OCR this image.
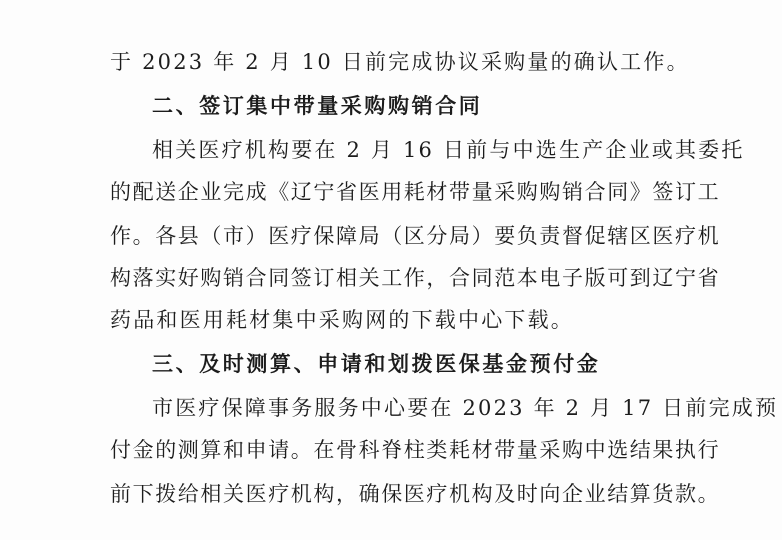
于 2023 年 2 月 10 日前完成协议采购量的确认工作。
二、签订集中带量采购购销合同
相关医疗机构要在 2 月 16 日前与中选生产企业或其委托
的配送企业完成《辽宁省医用耗材带量采购购销合同》签订工
作。各县（市）医疗保障局（区分局）要负责督促辖区医疗机
构落实好购销合同签订相关工作，合同范本电子版可到辽宁省
药品和医用耗材集中采购网的下载中心下载。
三、及时测算、申请和划拨医保基金预付金
市医疗保障事务服务中心要在 2023 年 2 月 17 日前完成预
付金的测算和申请。在骨科脊柱类耗材带量采购中选结果执行
前下拨给相关医疗机构，确保医疗机构及时向企业结算货款。
